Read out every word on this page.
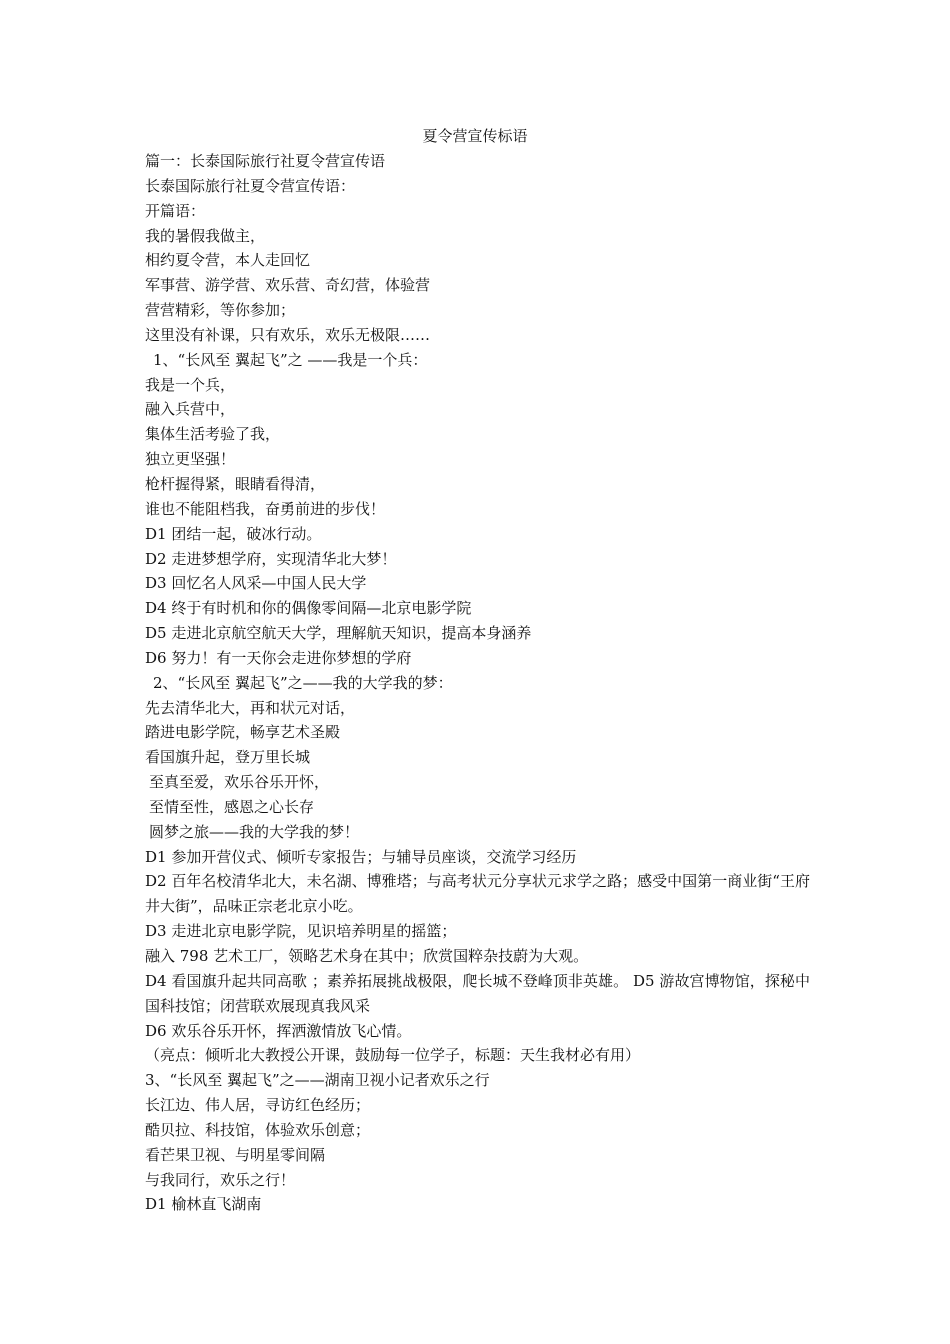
夏令营宣传标语
篇一：长泰国际旅行社夏令营宣传语
长泰国际旅行社夏令营宣传语：
开篇语：
我的暑假我做主，
相约夏令营，本人走回忆
军事营、游学营、欢乐营、奇幻营，体验营
营营精彩，等你参加；
这里没有补课，只有欢乐，欢乐无极限……
1、“长风至 翼起飞”之 ——我是一个兵：
我是一个兵，
融入兵营中，
集体生活考验了我，
独立更坚强！
枪杆握得紧，眼睛看得清，
谁也不能阻档我，奋勇前进的步伐！
D1 团结一起，破冰行动。
D2 走进梦想学府，实现清华北大梦！
D3 回忆名人风采—中国人民大学
D4 终于有时机和你的偶像零间隔—北京电影学院
D5 走进北京航空航天大学，理解航天知识，提高本身涵养
D6 努力！有一天你会走进你梦想的学府
2、“长风至 翼起飞”之——我的大学我的梦：
先去清华北大，再和状元对话，
踏进电影学院，畅享艺术圣殿
看国旗升起，登万里长城
至真至爱，欢乐谷乐开怀，
至情至性，感恩之心长存
圆梦之旅——我的大学我的梦！
D1 参加开营仪式、倾听专家报告；与辅导员座谈，交流学习经历
D2 百年名校清华北大，未名湖、博雅塔；与高考状元分享状元求学之路；感受中国第一商业街“王府井大街”，品味正宗老北京小吃。
D3 走进北京电影学院，见识培养明星的摇篮；
融入 798 艺术工厂，领略艺术身在其中；欣赏国粹杂技蔚为大观。
D4 看国旗升起共同高歌 ；素养拓展挑战极限，爬长城不登峰顶非英雄。 D5 游故宫博物馆，探秘中国科技馆；闭营联欢展现真我风采
D6 欢乐谷乐开怀，挥洒激情放飞心情。
（亮点：倾听北大教授公开课，鼓励每一位学子，标题：天生我材必有用）
3、“长风至 翼起飞”之——湖南卫视小记者欢乐之行
长江边、伟人居，寻访红色经历；
酷贝拉、科技馆，体验欢乐创意；
看芒果卫视、与明星零间隔
与我同行，欢乐之行！
D1 榆林直飞湖南
